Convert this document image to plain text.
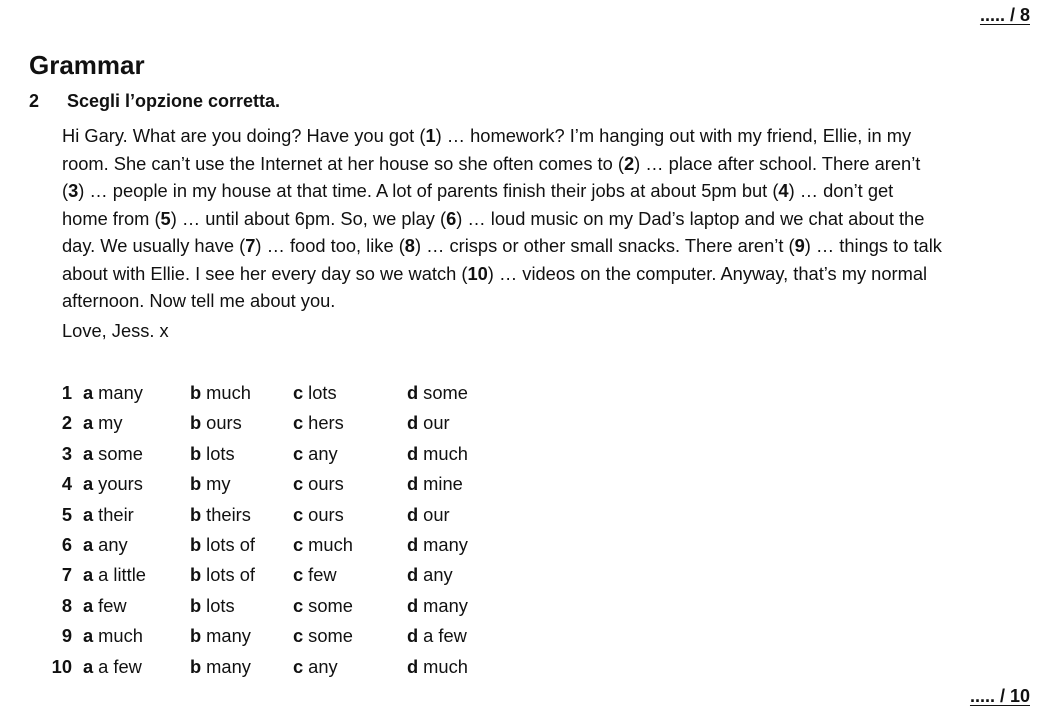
..... / 8
Grammar
2 Scegli l’opzione corretta.
Hi Gary. What are you doing? Have you got (1) … homework? I’m hanging out with my friend, Ellie, in my
room. She can’t use the Internet at her house so she often comes to (2) … place after school. There aren’t
(3) … people in my house at that time. A lot of parents finish their jobs at about 5pm but (4) … don’t get
home from (5) … until about 6pm. So, we play (6) … loud music on my Dad’s laptop and we chat about the
day. We usually have (7) … food too, like (8) … crisps or other small snacks. There aren’t (9) … things to talk
about with Ellie. I see her every day so we watch (10) … videos on the computer. Anyway, that’s my normal
afternoon. Now tell me about you.

Love, Jess. x

1 a many	b much c lots	d some
2 a my	b ours	c hers	d our
3 a some	b lots	c any	d much
4 a yours	b my	c ours	d mine
5 a their	b theirs c ours	d our
6 a any	b lots of c much	d many
7 a a little b lots of c few	d any
8 a few	b lots	c some	d many
9 a much	b many c some	d a few
10 a a few	b many c any	d much
..... / 10
